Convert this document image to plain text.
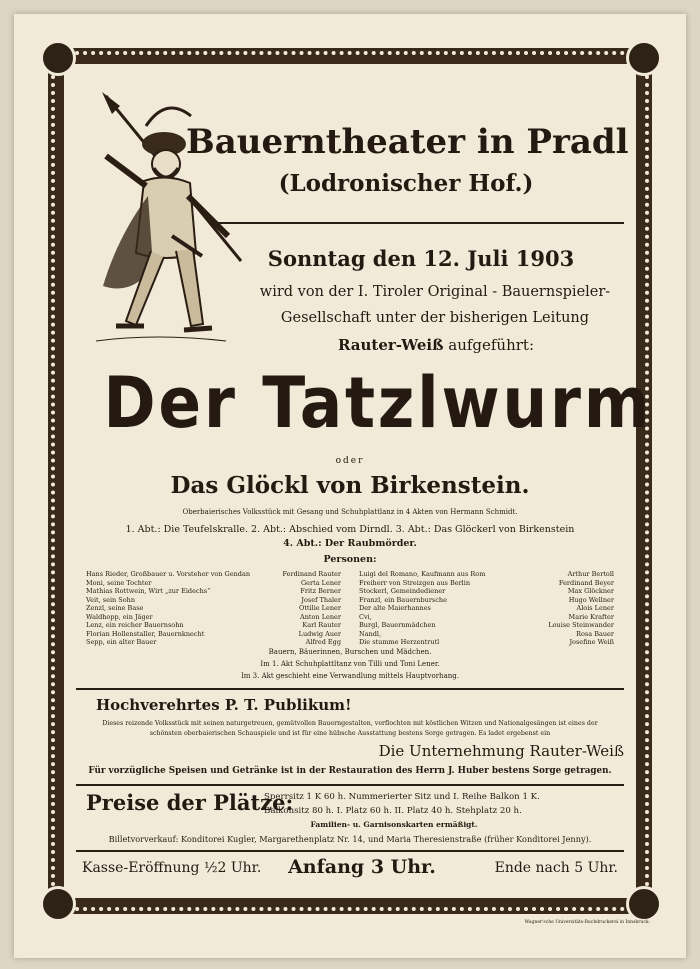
Bauerntheater in Pradl
(Lodronischer Hof.)
Sonntag den 12. Juli 1903
wird von der I. Tiroler Original - Bauernspieler-
Gesellschaft unter der bisherigen Leitung
Rauter-Weiß aufgeführt:
Der Tatzlwurm
oder
Das Glöckl von Birkenstein.
Oberbaierisches Volksstück mit Gesang und Schuhplattlanz in 4 Akten von Hermann Schmidt.
1. Abt.: Die Teufelskralle. 2. Abt.: Abschied vom Dirndl. 3. Abt.: Das Glöckerl von Birkenstein
4. Abt.: Der Raubmörder.
Personen:
Hans Rieder, Großbauer u. Vorsteher von Gendan	Ferdinand Rauter
Moni, seine Tochter	Gerta Lener
Mathias Rottwein, Wirt „zur Eidechs“	Fritz Berner
Veit, sein Sohn	Josef Thaler
Zenzl, seine Base	Ottilie Lener
Waldhopp, ein Jäger	Anton Lener
Lenz, ein reicher Bauernsohn	Karl Rauter
Florian Hollenstaller, Bauernknecht	Ludwig Auer
Sepp, ein alter Bauer	Alfred Egg
Luigi del Romano, Kaufmann aus Rom	Arthur Bertoll
Freiherr von Streizgen aus Berlin	Ferdinand Beyer
Stockerl, Gemeindediener	Max Glöckner
Franzl, ein Bauernbursche	Hugo Wellner
Der alte Maierhannes	Alois Lener
Cvi,	Marie Krafter
Burgl, Bauernmädchen	Louise Steinwander
Nandl,	Rosa Bauer
Die stumme Herzentrutl	Josefine Weiß
Bauern, Bäuerinnen, Burschen und Mädchen.
Im 1. Akt Schuhplattltanz von Tilli und Toni Lener.
Im 3. Akt geschieht eine Verwandlung mittels Hauptvorhang.
Hochverehrtes P. T. Publikum!
Dieses reizende Volksstück mit seinen naturgetreuen, gemütvollen Bauerngestalten, verflochten mit köstlichen Witzen und Nationalgesängen ist eines der
schönsten oberbaierischen Schauspiele und ist für eine hübsche Ausstattung bestens Sorge getragen. Es ladet ergebenst ein
Die Unternehmung Rauter-Weiß
Für vorzügliche Speisen und Getränke ist in der Restauration des Herrn J. Huber bestens Sorge getragen.
Preise der Plätze:
Sperrsitz 1 K 60 h. Nummerierter Sitz und I. Reihe Balkon 1 K.
Balkonsitz 80 h. I. Platz 60 h. II. Platz 40 h. Stehplatz 20 h.
Familien- u. Garnisonskarten ermäßigt.
Billetvorverkauf: Konditorei Kugler, Margarethenplatz Nr. 14, und Maria Theresienstraße (früher Konditorei Jenny).
Kasse-Eröffnung ½2 Uhr.	Anfang 3 Uhr.	Ende nach 5 Uhr.
Wagner'sche Universitäts-Buchdruckerei in Innsbruck.
